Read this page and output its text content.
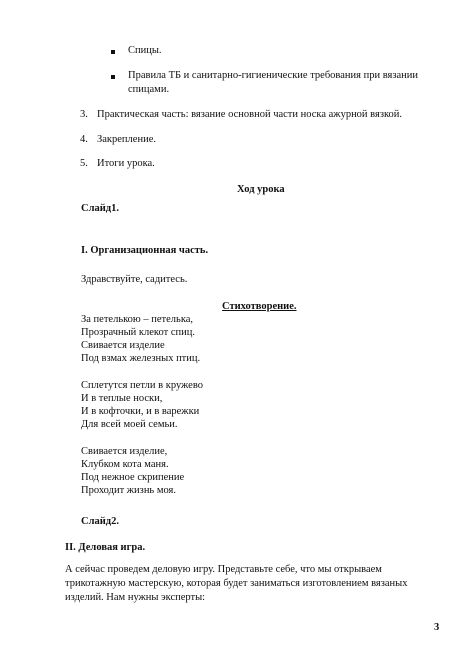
Спицы.
Правила ТБ и санитарно-гигиенические требования при вязании
спицами.
3. Практическая часть: вязание основной части носка ажурной вязкой.
4. Закрепление.
5. Итоги урока.
Ход урока
Слайд1.
I. Организационная часть.
Здравствуйте, садитесь.
Стихотворение.
За петелькою – петелька,
Прозрачный клекот спиц.
Свивается изделие
Под взмах железных птиц.
Сплетутся петли в кружево
И в теплые носки,
И в кофточки, и в варежки
Для всей моей семьи.
Свивается изделие,
Клубком кота маня.
Под нежное скрипение
Проходит жизнь моя.
Слайд2.
II. Деловая игра.
А сейчас проведем деловую игру. Представьте себе, что мы открываем
трикотажную мастерскую, которая будет заниматься изготовлением вязаных
изделий. Нам нужны эксперты:
3
